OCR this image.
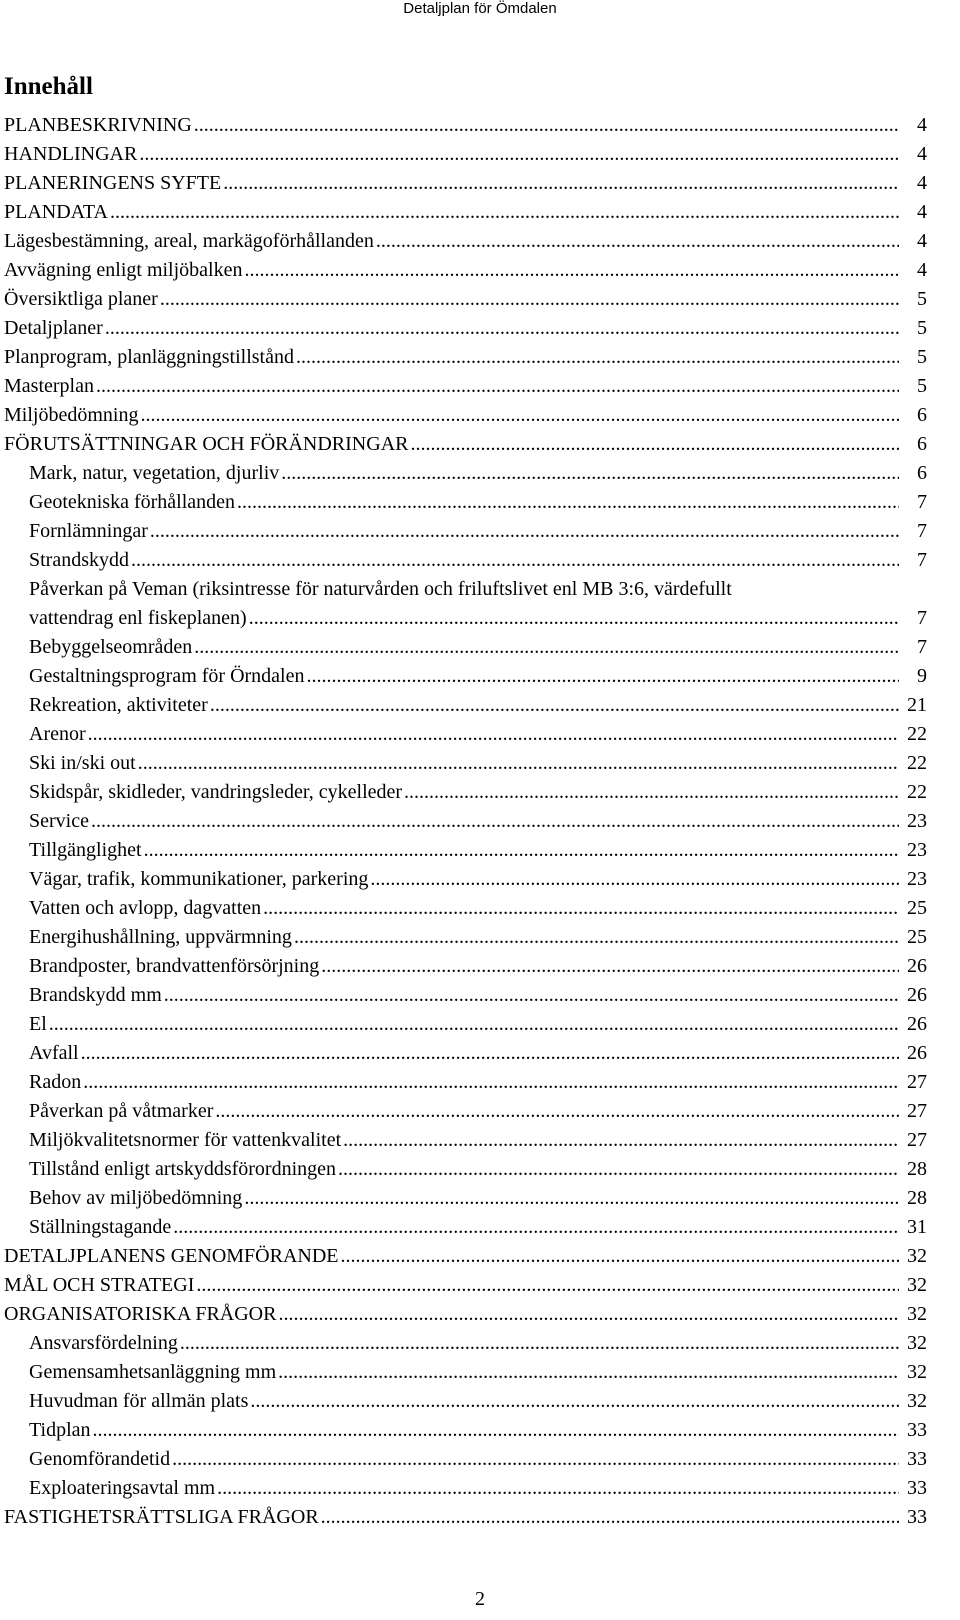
Detaljplan för Ömdalen
Innehåll
PLANBESKRIVNING .....	4
HANDLINGAR .....	4
PLANERINGENS SYFTE .....	4
PLANDATA .....	4
Lägesbestämning, areal, markägoförhållanden .....	4
Avvägning enligt miljöbalken .....	4
Översiktliga planer .....	5
Detaljplaner .....	5
Planprogram, planläggningstillstånd .....	5
Masterplan .....	5
Miljöbedömning .....	6
FÖRUTSÄTTNINGAR OCH FÖRÄNDRINGAR .....	6
Mark, natur, vegetation, djurliv .....	6
Geotekniska förhållanden .....	7
Fornlämningar .....	7
Strandskydd .....	7
Påverkan på Veman (riksintresse för naturvården och friluftslivet enl MB 3:6, värdefullt
vattendrag enl fiskeplanen) .....	7
Bebyggelseområden .....	7
Gestaltningsprogram för Örndalen .....	9
Rekreation, aktiviteter .....	21
Arenor .....	22
Ski in/ski out .....	22
Skidspår, skidleder, vandringsleder, cykelleder .....	22
Service .....	23
Tillgänglighet .....	23
Vägar, trafik, kommunikationer, parkering .....	23
Vatten och avlopp, dagvatten .....	25
Energihushållning, uppvärmning .....	25
Brandposter, brandvattenförsörjning .....	26
Brandskydd mm .....	26
El .....	26
Avfall .....	26
Radon .....	27
Påverkan på våtmarker .....	27
Miljökvalitetsnormer för vattenkvalitet .....	27
Tillstånd enligt artskyddsförordningen .....	28
Behov av miljöbedömning .....	28
Ställningstagande .....	31
DETALJPLANENS GENOMFÖRANDE .....	32
MÅL OCH STRATEGI .....	32
ORGANISATORISKA FRÅGOR .....	32
Ansvarsfördelning .....	32
Gemensamhetsanläggning mm .....	32
Huvudman för allmän plats .....	32
Tidplan .....	33
Genomförandetid .....	33
Exploateringsavtal mm .....	33
FASTIGHETSRÄTTSLIGA FRÅGOR .....	33
2
